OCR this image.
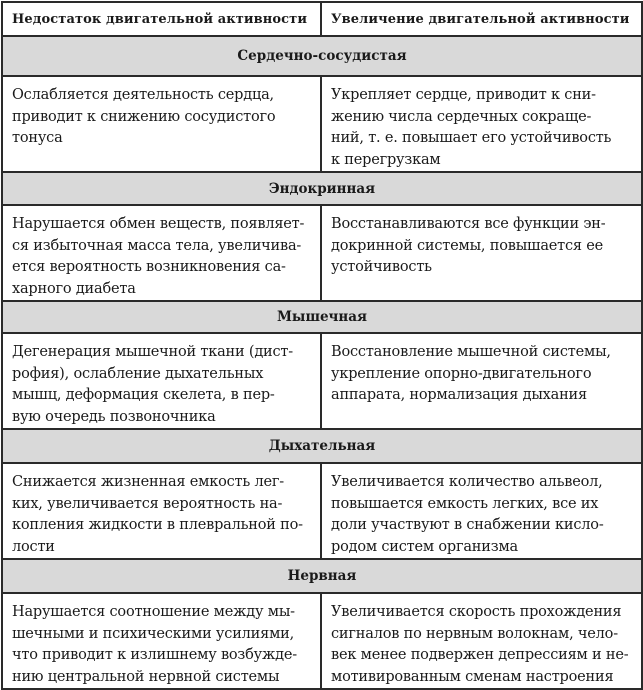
Недостаток двигательной активности	Увеличение двигательной активности
Сердечно-сосудистая	
Ослабляется деятельность сердца,
приводит к снижению сосудистого
тонуса	Укрепляет сердце, приводит к сни-
жению числа сердечных сокраще-
ний, т. е. повышает его устойчивость
к перегрузкам
Эндокринная	
Нарушается обмен веществ, появляет-
ся избыточная масса тела, увеличива-
ется вероятность возникновения са-
харного диабета	Восстанавливаются все функции эн-
докринной системы, повышается ее
устойчивость
Мышечная	
Дегенерация мышечной ткани (дист-
рофия), ослабление дыхательных
мышц, деформация скелета, в пер-
вую очередь позвоночника	Восстановление мышечной системы,
укрепление опорно-двигательного
аппарата, нормализация дыхания
Дыхательная	
Снижается жизненная емкость лег-
ких, увеличивается вероятность на-
копления жидкости в плевральной по-
лости	Увеличивается количество альвеол,
повышается емкость легких, все их
доли участвуют в снабжении кисло-
родом систем организма
Нервная	
Нарушается соотношение между мы-
шечными и психическими усилиями,
что приводит к излишнему возбужде-
нию центральной нервной системы	Увеличивается скорость прохождения
сигналов по нервным волокнам, чело-
век менее подвержен депрессиям и не-
мотивированным сменам настроения
